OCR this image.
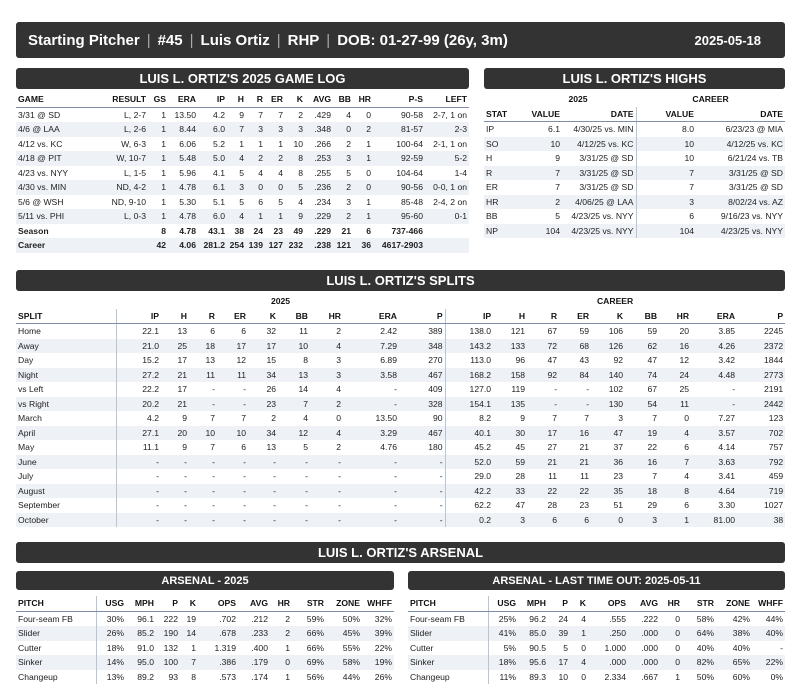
Starting Pitcher | #45 | Luis Ortiz | RHP | DOB: 01-27-99 (26y, 3m)	2025-05-18
LUIS L. ORTIZ'S 2025 GAME LOG
GAME	RESULT	GS	ERA	IP	H	R	ER	K	AVG	BB	HR	P-S	LEFT
3/31 @ SD	L, 2-7	1	13.50	4.2	9	7	7	2	.429	4	0	90-58	2-7, 1 on
4/6 @ LAA	L, 2-6	1	8.44	6.0	7	3	3	3	.348	0	2	81-57	2-3
4/12 vs. KC	W, 6-3	1	6.06	5.2	1	1	1	10	.266	2	1	100-64	2-1, 1 on
4/18 @ PIT	W, 10-7	1	5.48	5.0	4	2	2	8	.253	3	1	92-59	5-2
4/23 vs. NYY	L, 1-5	1	5.96	4.1	5	4	4	8	.255	5	0	104-64	1-4
4/30 vs. MIN	ND, 4-2	1	4.78	6.1	3	0	0	5	.236	2	0	90-56	0-0, 1 on
5/6 @ WSH	ND, 9-10	1	5.30	5.1	5	6	5	4	.234	3	1	85-48	2-4, 2 on
5/11 vs. PHI	L, 0-3	1	4.78	6.0	4	1	1	9	.229	2	1	95-60	0-1
Season		8	4.78	43.1	38	24	23	49	.229	21	6	737-466	
Career		42	4.06	281.2	254	139	127	232	.238	121	36	4617-2903	
LUIS L. ORTIZ'S HIGHS
	2025		CAREER	
STAT	VALUE	DATE	VALUE	DATE
IP	6.1	4/30/25 vs. MIN	8.0	6/23/23 @ MIA
SO	10	4/12/25 vs. KC	10	4/12/25 vs. KC
H	9	3/31/25 @ SD	10	6/21/24 vs. TB
R	7	3/31/25 @ SD	7	3/31/25 @ SD
ER	7	3/31/25 @ SD	7	3/31/25 @ SD
HR	2	4/06/25 @ LAA	3	8/02/24 vs. AZ
BB	5	4/23/25 vs. NYY	6	9/16/23 vs. NYY
NP	104	4/23/25 vs. NYY	104	4/23/25 vs. NYY
LUIS L. ORTIZ'S SPLITS
	2025									CAREER								
SPLIT	IP	H	R	ER	K	BB	HR	ERA	P	IP	H	R	ER	K	BB	HR	ERA	P
Home	22.1	13	6	6	32	11	2	2.42	389	138.0	121	67	59	106	59	20	3.85	2245
Away	21.0	25	18	17	17	10	4	7.29	348	143.2	133	72	68	126	62	16	4.26	2372
Day	15.2	17	13	12	15	8	3	6.89	270	113.0	96	47	43	92	47	12	3.42	1844
Night	27.2	21	11	11	34	13	3	3.58	467	168.2	158	92	84	140	74	24	4.48	2773
vs Left	22.2	17	-	-	26	14	4	-	409	127.0	119	-	-	102	67	25	-	2191
vs Right	20.2	21	-	-	23	7	2	-	328	154.1	135	-	-	130	54	11	-	2442
March	4.2	9	7	7	2	4	0	13.50	90	8.2	9	7	7	3	7	0	7.27	123
April	27.1	20	10	10	34	12	4	3.29	467	40.1	30	17	16	47	19	4	3.57	702
May	11.1	9	7	6	13	5	2	4.76	180	45.2	45	27	21	37	22	6	4.14	757
June	-	-	-	-	-	-	-	-	-	52.0	59	21	21	36	16	7	3.63	792
July	-	-	-	-	-	-	-	-	-	29.0	28	11	11	23	7	4	3.41	459
August	-	-	-	-	-	-	-	-	-	42.2	33	22	22	35	18	8	4.64	719
September	-	-	-	-	-	-	-	-	-	62.2	47	28	23	51	29	6	3.30	1027
October	-	-	-	-	-	-	-	-	-	0.2	3	6	6	0	3	1	81.00	38
LUIS L. ORTIZ'S ARSENAL
ARSENAL - 2025
PITCH	USG	MPH	P	K	OPS	AVG	HR	STR	ZONE	WHFF
Four-seam FB	30%	96.1	222	19	.702	.212	2	59%	50%	32%
Slider	26%	85.2	190	14	.678	.233	2	66%	45%	39%
Cutter	18%	91.0	132	1	1.319	.400	1	66%	55%	22%
Sinker	14%	95.0	100	7	.386	.179	0	69%	58%	19%
Changeup	13%	89.2	93	8	.573	.174	1	56%	44%	26%
ARSENAL - LAST TIME OUT: 2025-05-11
PITCH	USG	MPH	P	K	OPS	AVG	HR	STR	ZONE	WHFF
Four-seam FB	25%	96.2	24	4	.555	.222	0	58%	42%	44%
Slider	41%	85.0	39	1	.250	.000	0	64%	38%	40%
Cutter	5%	90.5	5	0	1.000	.000	0	40%	40%	-
Sinker	18%	95.6	17	4	.000	.000	0	82%	65%	22%
Changeup	11%	89.3	10	0	2.334	.667	1	50%	60%	0%
